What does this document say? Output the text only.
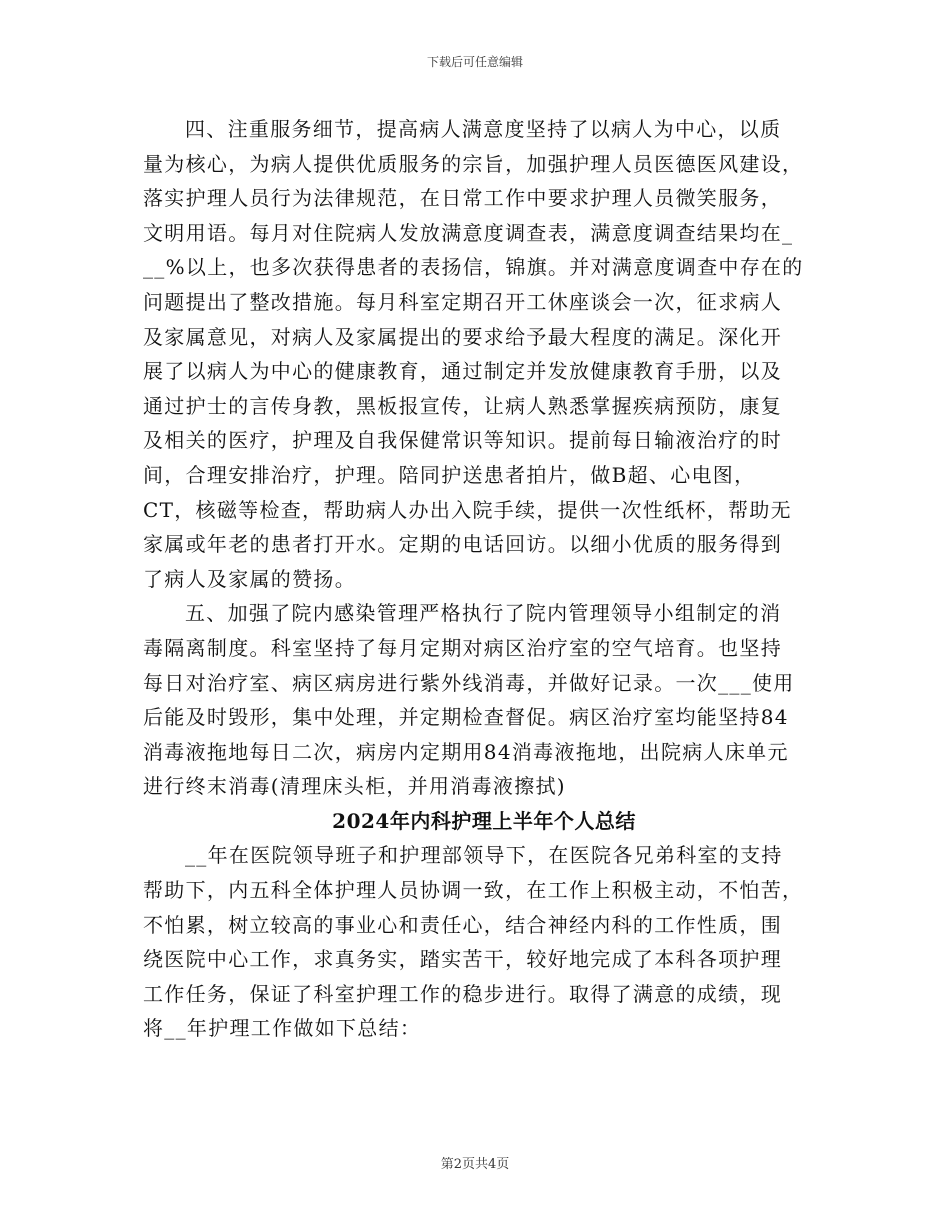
下载后可任意编辑
四、注重服务细节，提高病人满意度坚持了以病人为中心，以质
量为核心，为病人提供优质服务的宗旨，加强护理人员医德医风建设，
落实护理人员行为法律规范，在日常工作中要求护理人员微笑服务，
文明用语。每月对住院病人发放满意度调查表，满意度调查结果均在_
__%以上，也多次获得患者的表扬信，锦旗。并对满意度调查中存在的
问题提出了整改措施。每月科室定期召开工休座谈会一次，征求病人
及家属意见，对病人及家属提出的要求给予最大程度的满足。深化开
展了以病人为中心的健康教育，通过制定并发放健康教育手册，以及
通过护士的言传身教，黑板报宣传，让病人熟悉掌握疾病预防，康复
及相关的医疗，护理及自我保健常识等知识。提前每日输液治疗的时
间，合理安排治疗，护理。陪同护送患者拍片，做B超、心电图，
CT，核磁等检查，帮助病人办出入院手续，提供一次性纸杯，帮助无
家属或年老的患者打开水。定期的电话回访。以细小优质的服务得到
了病人及家属的赞扬。
五、加强了院内感染管理严格执行了院内管理领导小组制定的消
毒隔离制度。科室坚持了每月定期对病区治疗室的空气培育。也坚持
每日对治疗室、病区病房进行紫外线消毒，并做好记录。一次___使用
后能及时毁形，集中处理，并定期检查督促。病区治疗室均能坚持84
消毒液拖地每日二次，病房内定期用84消毒液拖地，出院病人床单元
进行终末消毒(清理床头柜，并用消毒液擦拭)
2024年内科护理上半年个人总结
__年在医院领导班子和护理部领导下，在医院各兄弟科室的支持
帮助下，内五科全体护理人员协调一致，在工作上积极主动，不怕苦，
不怕累，树立较高的事业心和责任心，结合神经内科的工作性质，围
绕医院中心工作，求真务实，踏实苦干，较好地完成了本科各项护理
工作任务，保证了科室护理工作的稳步进行。取得了满意的成绩，现
将__年护理工作做如下总结：
第2页共4页
